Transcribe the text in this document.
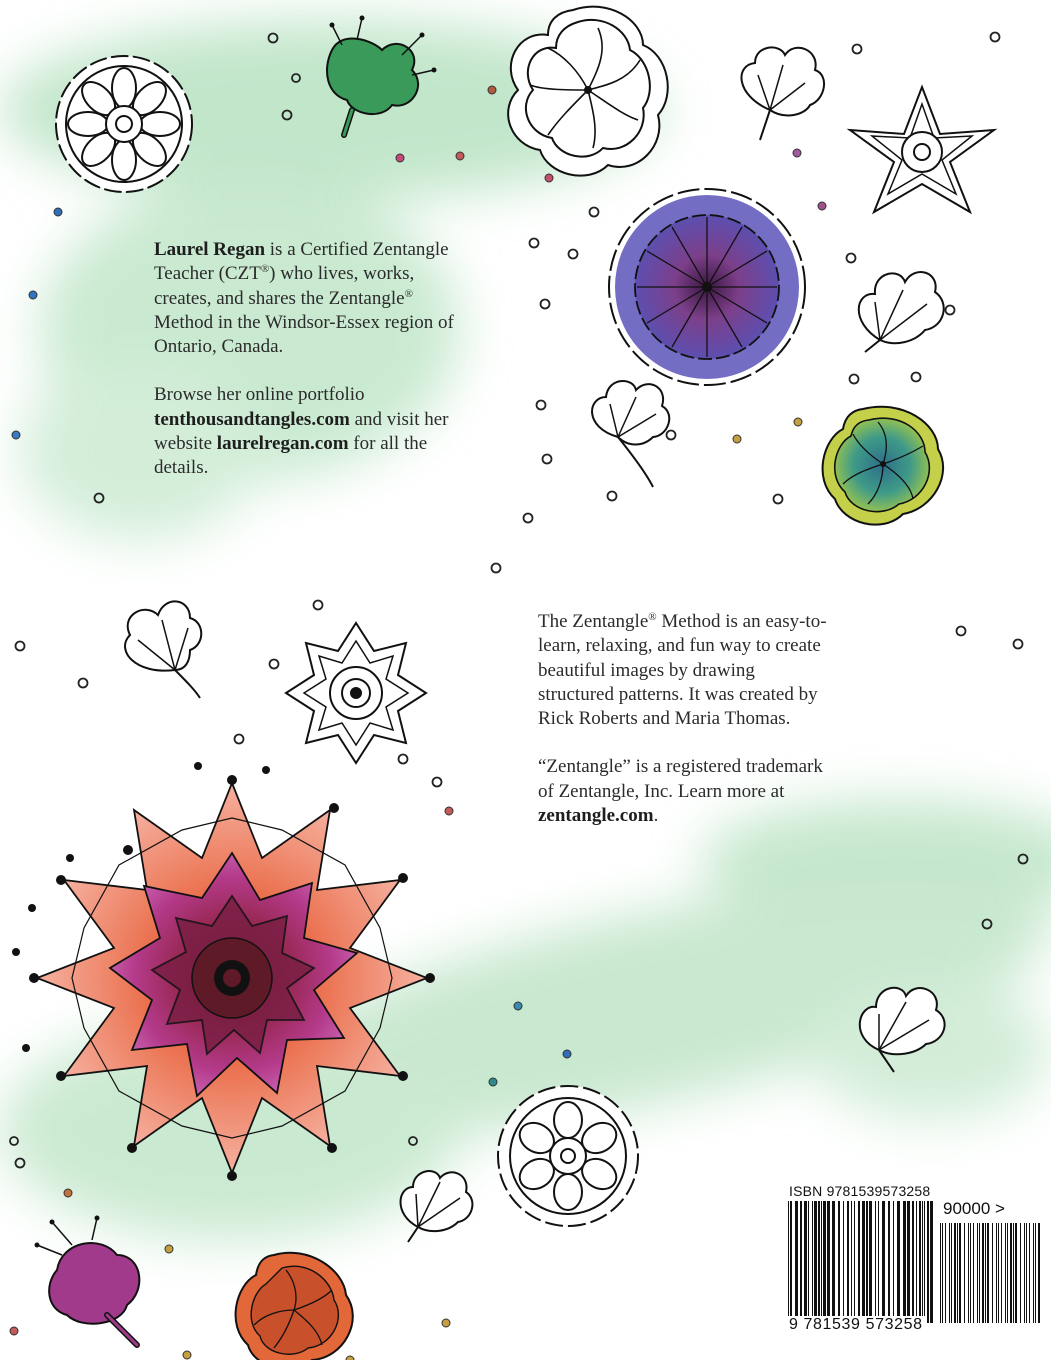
Laurel Regan is a Certified Zentangle Teacher (CZT®) who lives, works, creates, and shares the Zentangle® Method in the Windsor-Essex region of Ontario, Canada.

Browse her online portfolio tenthousandtangles.com and visit her website laurelregan.com for all the details.

The Zentangle® Method is an easy-to-learn, relaxing, and fun way to create beautiful images by drawing structured patterns. It was created by Rick Roberts and Maria Thomas.

“Zentangle” is a registered trademark of Zentangle, Inc. Learn more at zentangle.com.

ISBN 9781539573258
90000 >
9 781539 573258
